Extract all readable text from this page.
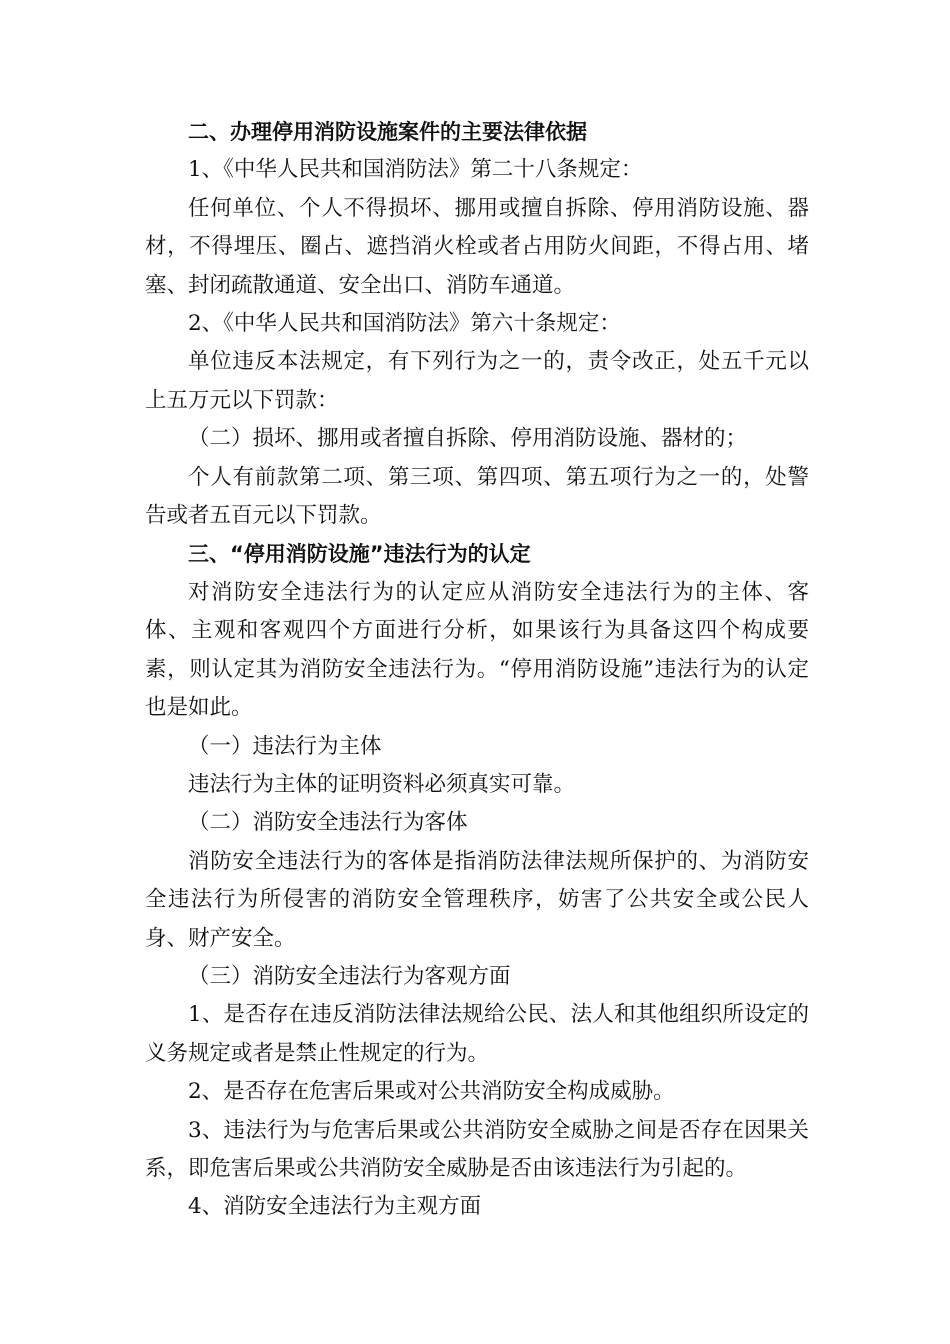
二、办理停用消防设施案件的主要法律依据

1、《中华人民共和国消防法》第二十八条规定：

任何单位、个人不得损坏、挪用或擅自拆除、停用消防设施、器材，不得埋压、圈占、遮挡消火栓或者占用防火间距，不得占用、堵塞、封闭疏散通道、安全出口、消防车通道。

2、《中华人民共和国消防法》第六十条规定：

单位违反本法规定，有下列行为之一的，责令改正，处五千元以上五万元以下罚款：

（二）损坏、挪用或者擅自拆除、停用消防设施、器材的；

个人有前款第二项、第三项、第四项、第五项行为之一的，处警告或者五百元以下罚款。

三、“停用消防设施”违法行为的认定

对消防安全违法行为的认定应从消防安全违法行为的主体、客体、主观和客观四个方面进行分析，如果该行为具备这四个构成要素，则认定其为消防安全违法行为。“停用消防设施”违法行为的认定也是如此。

（一）违法行为主体

违法行为主体的证明资料必须真实可靠。

（二）消防安全违法行为客体

消防安全违法行为的客体是指消防法律法规所保护的、为消防安全违法行为所侵害的消防安全管理秩序，妨害了公共安全或公民人身、财产安全。

（三）消防安全违法行为客观方面

1、是否存在违反消防法律法规给公民、法人和其他组织所设定的义务规定或者是禁止性规定的行为。

2、是否存在危害后果或对公共消防安全构成威胁。

3、违法行为与危害后果或公共消防安全威胁之间是否存在因果关系，即危害后果或公共消防安全威胁是否由该违法行为引起的。

4、消防安全违法行为主观方面
